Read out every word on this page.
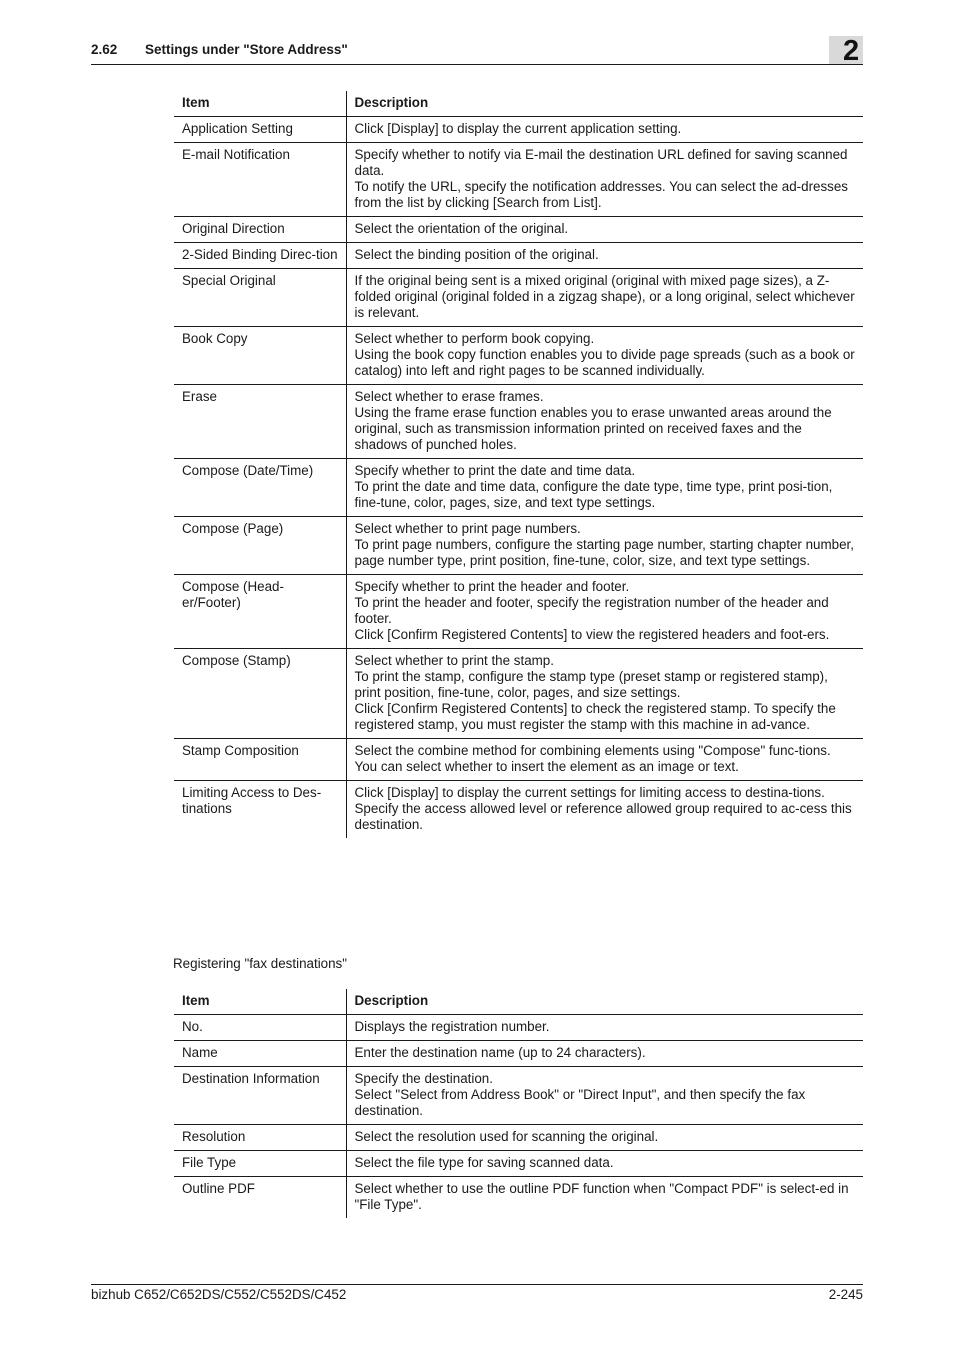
2.62 Settings under "Store Address"	2
Item	Description
Application Setting	Click [Display] to display the current application setting.

E-mail Notification	Specify whether to notify via E-mail the destination URL defined for saving scanned data.
To notify the URL, specify the notification addresses. You can select the ad-dresses from the list by clicking [Search from List].

Original Direction	Select the orientation of the original.

2-Sided Binding Direc-tion	Select the binding position of the original.

Special Original	If the original being sent is a mixed original (original with mixed page sizes), a Z-folded original (original folded in a zigzag shape), or a long original, select whichever is relevant.

Book Copy	Select whether to perform book copying.
Using the book copy function enables you to divide page spreads (such as a book or catalog) into left and right pages to be scanned individually.

Erase	Select whether to erase frames.
Using the frame erase function enables you to erase unwanted areas around the original, such as transmission information printed on received faxes and the shadows of punched holes.

Compose (Date/Time)	Specify whether to print the date and time data.
To print the date and time data, configure the date type, time type, print posi-tion, fine-tune, color, pages, size, and text type settings.

Compose (Page)	Select whether to print page numbers.
To print page numbers, configure the starting page number, starting chapter number, page number type, print position, fine-tune, color, size, and text type settings.

Compose (Head-er/Footer)	Specify whether to print the header and footer.
To print the header and footer, specify the registration number of the header and footer.
Click [Confirm Registered Contents] to view the registered headers and foot-ers.

Compose (Stamp)	Select whether to print the stamp.
To print the stamp, configure the stamp type (preset stamp or registered stamp), print position, fine-tune, color, pages, and size settings.
Click [Confirm Registered Contents] to check the registered stamp. To specify the registered stamp, you must register the stamp with this machine in ad-vance.

Stamp Composition	Select the combine method for combining elements using "Compose" func-tions.
You can select whether to insert the element as an image or text.

Limiting Access to Des-tinations	Click [Display] to display the current settings for limiting access to destina-tions.
Specify the access allowed level or reference allowed group required to ac-cess this destination.
Registering "fax destinations"
Item	Description
No.	Displays the registration number.

Name	Enter the destination name (up to 24 characters).

Destination Information	Specify the destination.
Select "Select from Address Book" or "Direct Input", and then specify the fax destination.

Resolution	Select the resolution used for scanning the original.

File Type	Select the file type for saving scanned data.

Outline PDF	Select whether to use the outline PDF function when "Compact PDF" is select-ed in "File Type".
bizhub C652/C652DS/C552/C552DS/C452	2-245
